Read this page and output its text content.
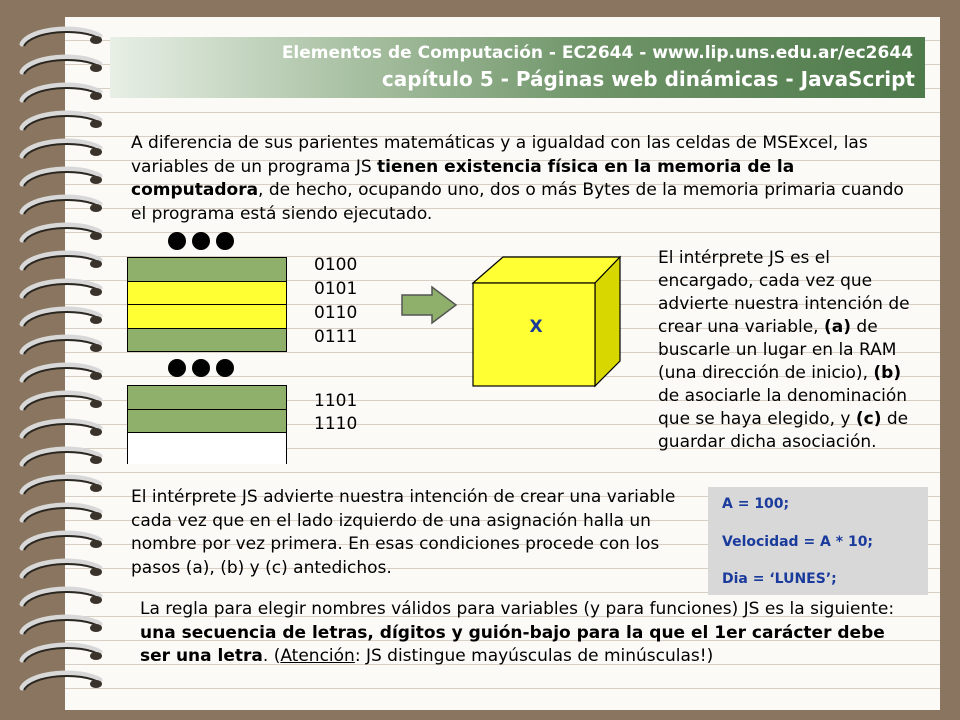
Elementos de Computación - EC2644 - www.lip.uns.edu.ar/ec2644
capítulo 5 - Páginas web dinámicas - JavaScript
A diferencia de sus parientes matemáticas y a igualdad con las celdas de MSExcel, las variables de un programa JS tienen existencia física en la memoria de la computadora, de hecho, ocupando uno, dos o más Bytes de la memoria primaria cuando el programa está siendo ejecutado.
0100
0101
0110
0111
1101
1110
X
El intérprete JS es el encargado, cada vez que advierte nuestra intención de crear una variable, (a) de buscarle un lugar en la RAM (una dirección de inicio), (b) de asociarle la denominación que se haya elegido, y (c) de guardar dicha asociación.
El intérprete JS advierte nuestra intención de crear una variable cada vez que en el lado izquierdo de una asignación halla un nombre por vez primera. En esas condiciones procede con los pasos (a), (b) y (c) antedichos.
A = 100;
Velocidad = A * 10;
Dia = ‘LUNES’;
La regla para elegir nombres válidos para variables (y para funciones) JS es la siguiente: una secuencia de letras, dígitos y guión-bajo para la que el 1er carácter debe ser una letra. (Atención: JS distingue mayúsculas de minúsculas!)
